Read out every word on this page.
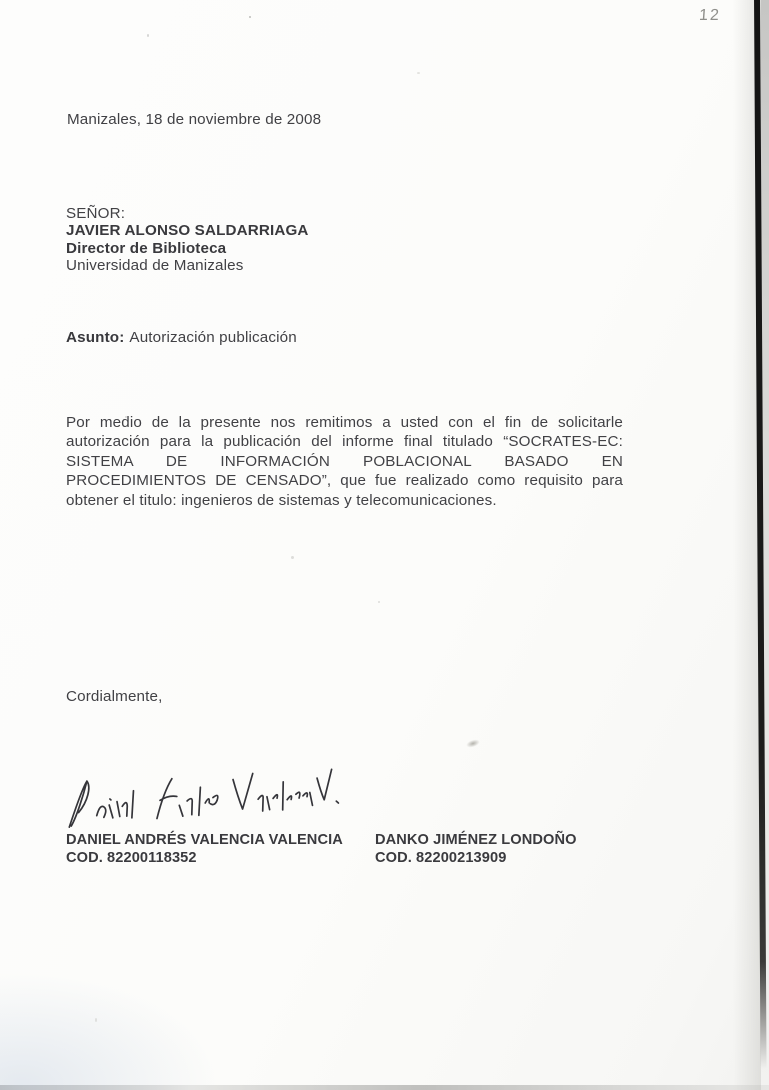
12
Manizales, 18 de noviembre de 2008
SEÑOR:
JAVIER ALONSO SALDARRIAGA
Director de Biblioteca
Universidad de Manizales
Asunto: Autorización publicación
Por medio de la presente nos remitimos a usted con el fin de solicitarle
autorización para la publicación del informe final titulado “SOCRATES-EC:
SISTEMA DE INFORMACIÓN POBLACIONAL BASADO EN
PROCEDIMIENTOS DE CENSADO”, que fue realizado como requisito para
obtener el titulo: ingenieros de sistemas y telecomunicaciones.
Cordialmente,
DANIEL ANDRÉS VALENCIA VALENCIA
COD. 82200118352
DANKO JIMÉNEZ LONDOÑO
COD. 82200213909
